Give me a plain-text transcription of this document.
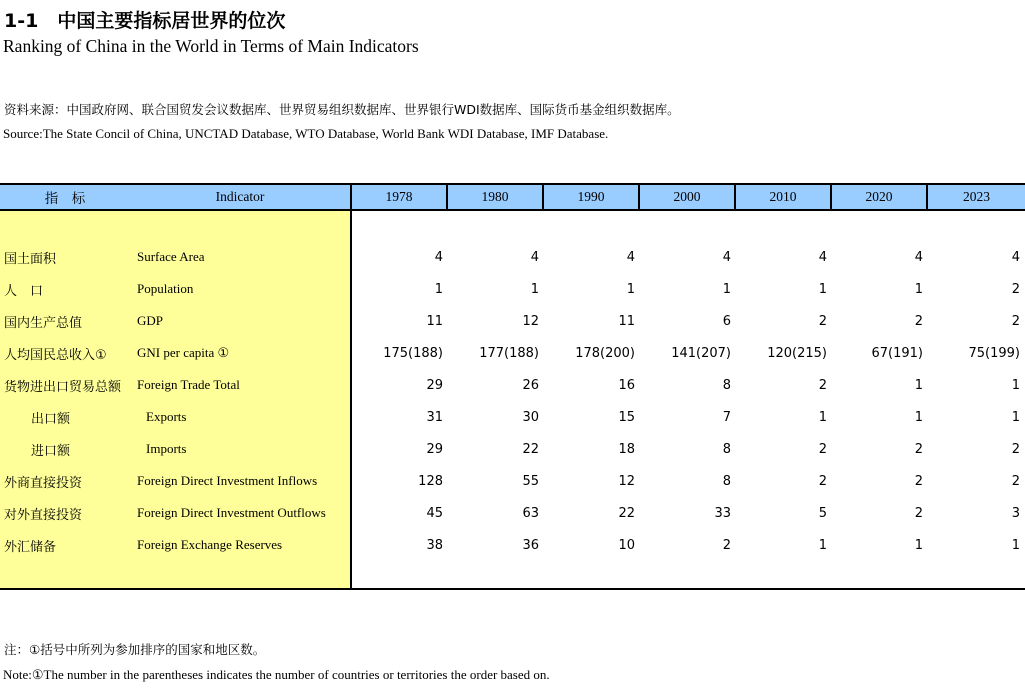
1-1　中国主要指标居世界的位次
Ranking of China in the World in Terms of Main Indicators
资料来源：中国政府网、联合国贸发会议数据库、世界贸易组织数据库、世界银行WDI数据库、国际货币基金组织数据库。
Source:The State Concil of China, UNCTAD Database, WTO Database, World Bank WDI Database, IMF Database.
指　标	Indicator	1978	1980	1990	2000	2010	2020	2023
国土面积	Surface Area	4	4	4	4	4	4	4
人　口	Population	1	1	1	1	1	1	2
国内生产总值	GDP	11	12	11	6	2	2	2
人均国民总收入①	GNI per capita ①	175(188)	177(188)	178(200)	141(207)	120(215)	67(191)	75(199)
货物进出口贸易总额	Foreign Trade Total	29	26	16	8	2	1	1
出口额	Exports	31	30	15	7	1	1	1
进口额	Imports	29	22	18	8	2	2	2
外商直接投资	Foreign Direct Investment Inflows	128	55	12	8	2	2	2
对外直接投资	Foreign Direct Investment Outflows	45	63	22	33	5	2	3
外汇储备	Foreign Exchange Reserves	38	36	10	2	1	1	1
注：①括号中所列为参加排序的国家和地区数。
Note:①The number in the parentheses indicates the number of countries or territories the order based on.
